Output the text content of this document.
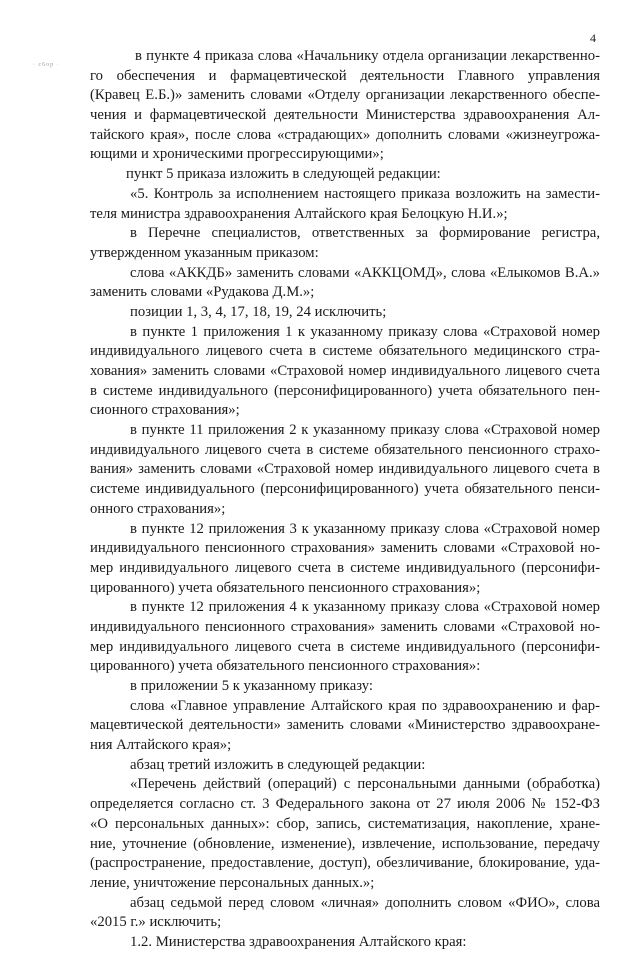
4
· c6op ·
в пункте 4 приказа слова «Начальнику отдела организации лекарственно-
го обеспечения и фармацевтической деятельности Главного управления
(Кравец Е.Б.)» заменить словами «Отделу организации лекарственного обеспе-
чения и фармацевтической деятельности Министерства здравоохранения Ал-
тайского края», после слова «страдающих» дополнить словами «жизнеугрожа-
ющими и хроническими прогрессирующими»;
пункт 5 приказа изложить в следующей редакции:
«5. Контроль за исполнением настоящего приказа возложить на замести-
теля министра здравоохранения Алтайского края Белоцкую Н.И.»;
в Перечне специалистов, ответственных за формирование регистра,
утвержденном указанным приказом:
слова «АККДБ» заменить словами «АККЦОМД», слова «Елыкомов В.А.»
заменить словами «Рудакова Д.М.»;
позиции 1, 3, 4, 17, 18, 19, 24 исключить;
в пункте 1 приложения 1 к указанному приказу слова «Страховой номер
индивидуального лицевого счета в системе обязательного медицинского стра-
хования» заменить словами «Страховой номер индивидуального лицевого счета
в системе индивидуального (персонифицированного) учета обязательного пен-
сионного страхования»;
в пункте 11 приложения 2 к указанному приказу слова «Страховой номер
индивидуального лицевого счета в системе обязательного пенсионного страхо-
вания» заменить словами «Страховой номер индивидуального лицевого счета в
системе индивидуального (персонифицированного) учета обязательного пенси-
онного страхования»;
в пункте 12 приложения 3 к указанному приказу слова «Страховой номер
индивидуального пенсионного страхования» заменить словами «Страховой но-
мер индивидуального лицевого счета в системе индивидуального (персонифи-
цированного) учета обязательного пенсионного страхования»;
в пункте 12 приложения 4 к указанному приказу слова «Страховой номер
индивидуального пенсионного страхования» заменить словами «Страховой но-
мер индивидуального лицевого счета в системе индивидуального (персонифи-
цированного) учета обязательного пенсионного страхования»:
в приложении 5 к указанному приказу:
слова «Главное управление Алтайского края по здравоохранению и фар-
мацевтической деятельности» заменить словами «Министерство здравоохране-
ния Алтайского края»;
абзац третий изложить в следующей редакции:
«Перечень действий (операций) с персональными данными (обработка)
определяется согласно ст. 3 Федерального закона от 27 июля 2006 № 152-ФЗ
«О персональных данных»: сбор, запись, систематизация, накопление, хране-
ние, уточнение (обновление, изменение), извлечение, использование, передачу
(распространение, предоставление, доступ), обезличивание, блокирование, уда-
ление, уничтожение персональных данных.»;
абзац седьмой перед словом «личная» дополнить словом «ФИО», слова
«2015 г.» исключить;
1.2. Министерства здравоохранения Алтайского края:
